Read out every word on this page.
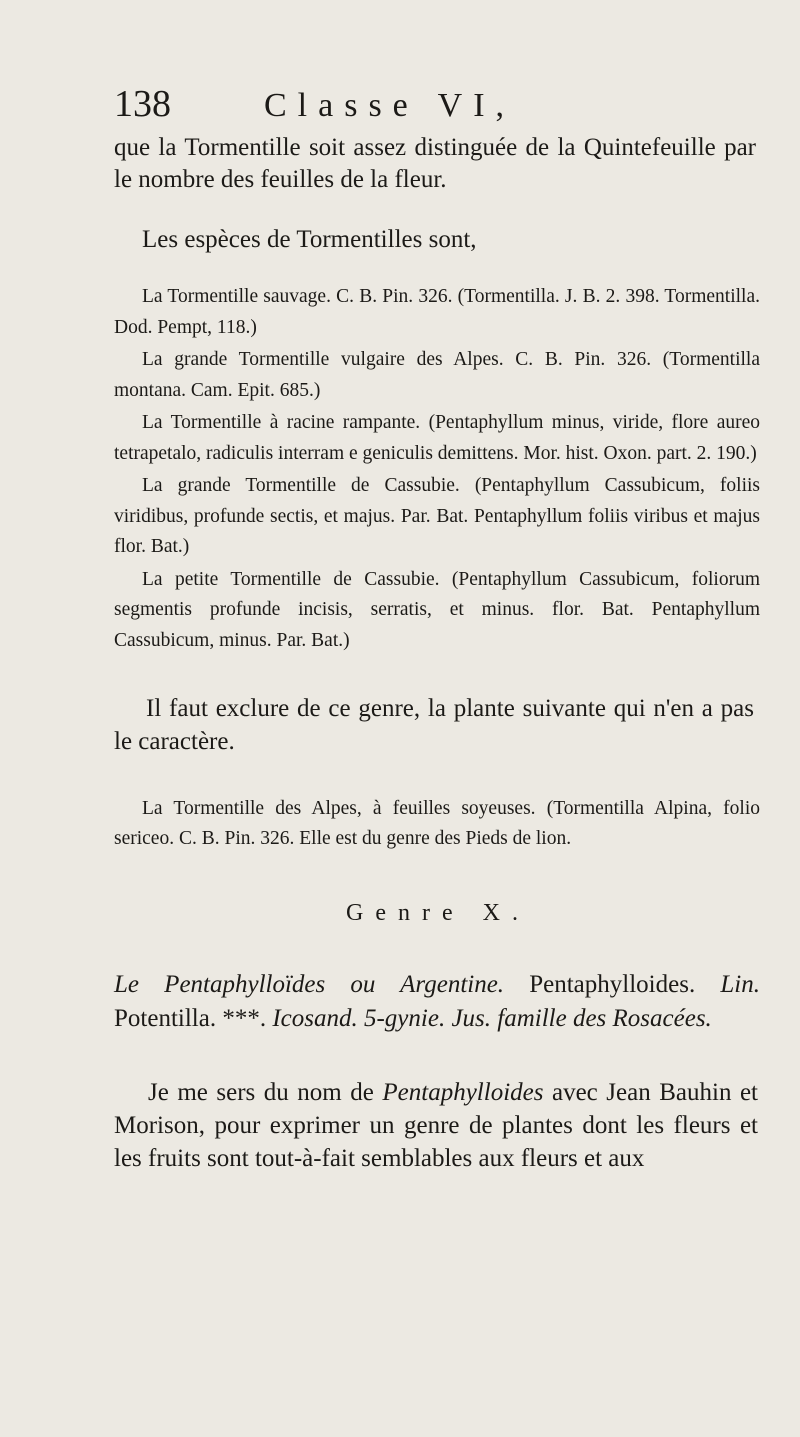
138	Classe VI,

que la Tormentille soit assez distinguée de la Quintefeuille par le nombre des feuilles de la fleur.

Les espèces de Tormentilles sont,

La Tormentille sauvage. C. B. Pin. 326. (Tormentilla. J. B. 2. 398. Tormentilla. Dod. Pempt, 118.)
La grande Tormentille vulgaire des Alpes. C. B. Pin. 326. (Tormentilla montana. Cam. Epit. 685.)
La Tormentille à racine rampante. (Pentaphyllum minus, viride, flore aureo tetrapetalo, radiculis interram e geniculis demittens. Mor. hist. Oxon. part. 2. 190.)
La grande Tormentille de Cassubie. (Pentaphyllum Cassubicum, foliis viridibus, profunde sectis, et majus. Par. Bat. Pentaphyllum foliis viribus et majus flor. Bat.)
La petite Tormentille de Cassubie. (Pentaphyllum Cassubicum, foliorum segmentis profunde incisis, serratis, et minus. flor. Bat. Pentaphyllum Cassubicum, minus. Par. Bat.)

Il faut exclure de ce genre, la plante suivante qui n'en a pas le caractère.

La Tormentille des Alpes, à feuilles soyeuses. (Tormentilla Alpina, folio sericeo. C. B. Pin. 326. Elle est du genre des Pieds de lion.

Genre X.

Le Pentaphylloïdes ou Argentine. Pentaphylloides. Lin. Potentilla. ***. Icosand. 5-gynie. Jus. famille des Rosacées.

Je me sers du nom de Pentaphylloides avec Jean Bauhin et Morison, pour exprimer un genre de plantes dont les fleurs et les fruits sont tout-à-fait semblables aux fleurs et aux
